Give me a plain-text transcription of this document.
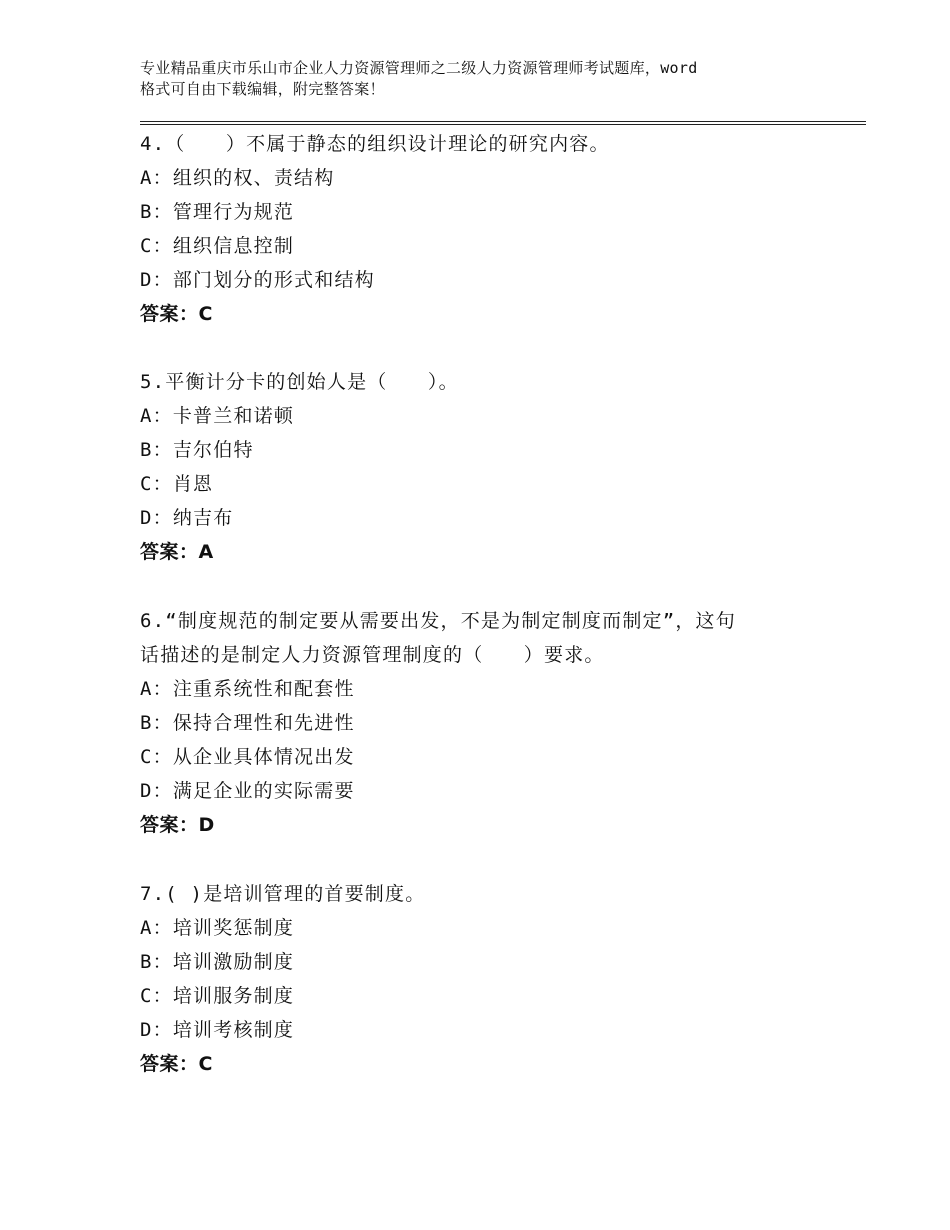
专业精品重庆市乐山市企业人力资源管理师之二级人力资源管理师考试题库，word
格式可自由下载编辑，附完整答案！
4.（　　）不属于静态的组织设计理论的研究内容。
A：组织的权、责结构
B：管理行为规范
C：组织信息控制
D：部门划分的形式和结构
答案：C
5.平衡计分卡的创始人是（　　）。
A：卡普兰和诺顿
B：吉尔伯特
C：肖恩
D：纳吉布
答案：A
6.“制度规范的制定要从需要出发，不是为制定制度而制定”，这句
话描述的是制定人力资源管理制度的（　　）要求。
A：注重系统性和配套性
B：保持合理性和先进性
C：从企业具体情况出发
D：满足企业的实际需要
答案：D
7.( )是培训管理的首要制度。
A：培训奖惩制度
B：培训激励制度
C：培训服务制度
D：培训考核制度
答案：C
